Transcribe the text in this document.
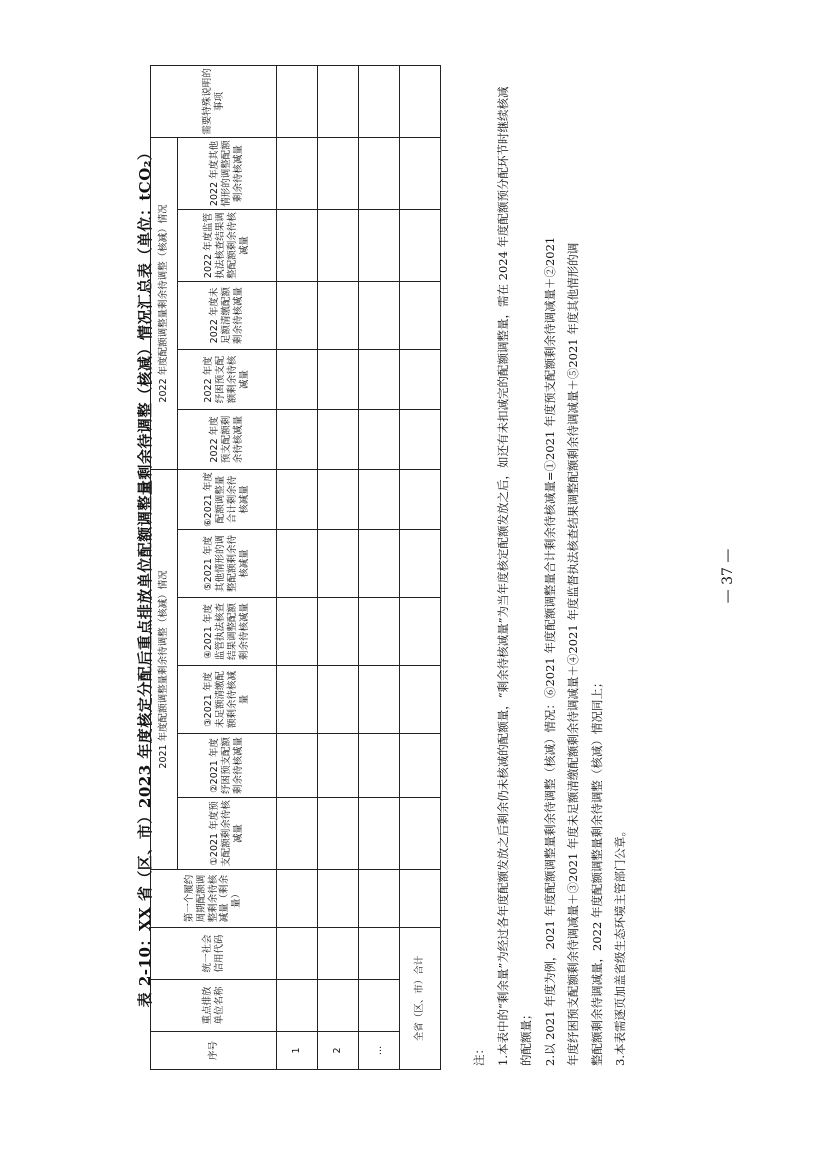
表 2-10：XX 省（区、市）2023 年度核定分配后重点排放单位配额调整量剩余待调整（核减）情况汇总表（单位：tCO₂）
序号	重点排放单位名称	统一社会信用代码	第一个履约周期配额调整剩余待核减量（剩余量）	2021 年度配额调整量剩余待调整（核减）情况						2022 年度配额调整量剩余待调整（核减）情况					需要特殊说明的事项
				①2021 年度预支配额剩余待核减量	②2021 年度纾困预支配额剩余待核减量	③2021 年度未足额清缴配额剩余待核减量	④2021 年度监管执法核查结果调整配额剩余待核减量	⑤2021 年度其他情形的调整配额剩余待核减量	⑥2021 年度配额调整量合计剩余待核减量	2022 年度预支配额剩余待核减量	2022 年度纾困预支配额剩余待核减量	2022 年度未足额清缴配额剩余待核减量	2022 年度监管执法核查结果调整配额剩余待核减量	2022 年度其他情形的调整配额剩余待核减量	
1															
2															
…															
全省（区、市）合计															

注： 1.本表中的“剩余量”为经过各年度配额发放之后剩余仍未核减的配额量，“剩余待核减量”为当年度核定配额发放之后，如还有未扣减完的配额调整量，需在 2024 年度配额预分配环节时继续核减的配额量； 2.以 2021 年度为例，2021 年度配额调整量剩余待调整（核减）情况：⑥2021 年度配额调整量合计剩余待核减量=①2021 年度预支配额剩余待调减量＋②2021 年度纾困预支配额剩余待调减量＋③2021 年度未足额清缴配额剩余待调减量＋④2021 年度监督执法核查结果调整配额剩余待调减量＋⑤2021 年度其他情形的调 整配额剩余待调减量，2022 年度配额调整量剩余待调整（核减）情况同上； 3.本表需逐页加盖省级生态环境主管部门公章。

— 37 —
